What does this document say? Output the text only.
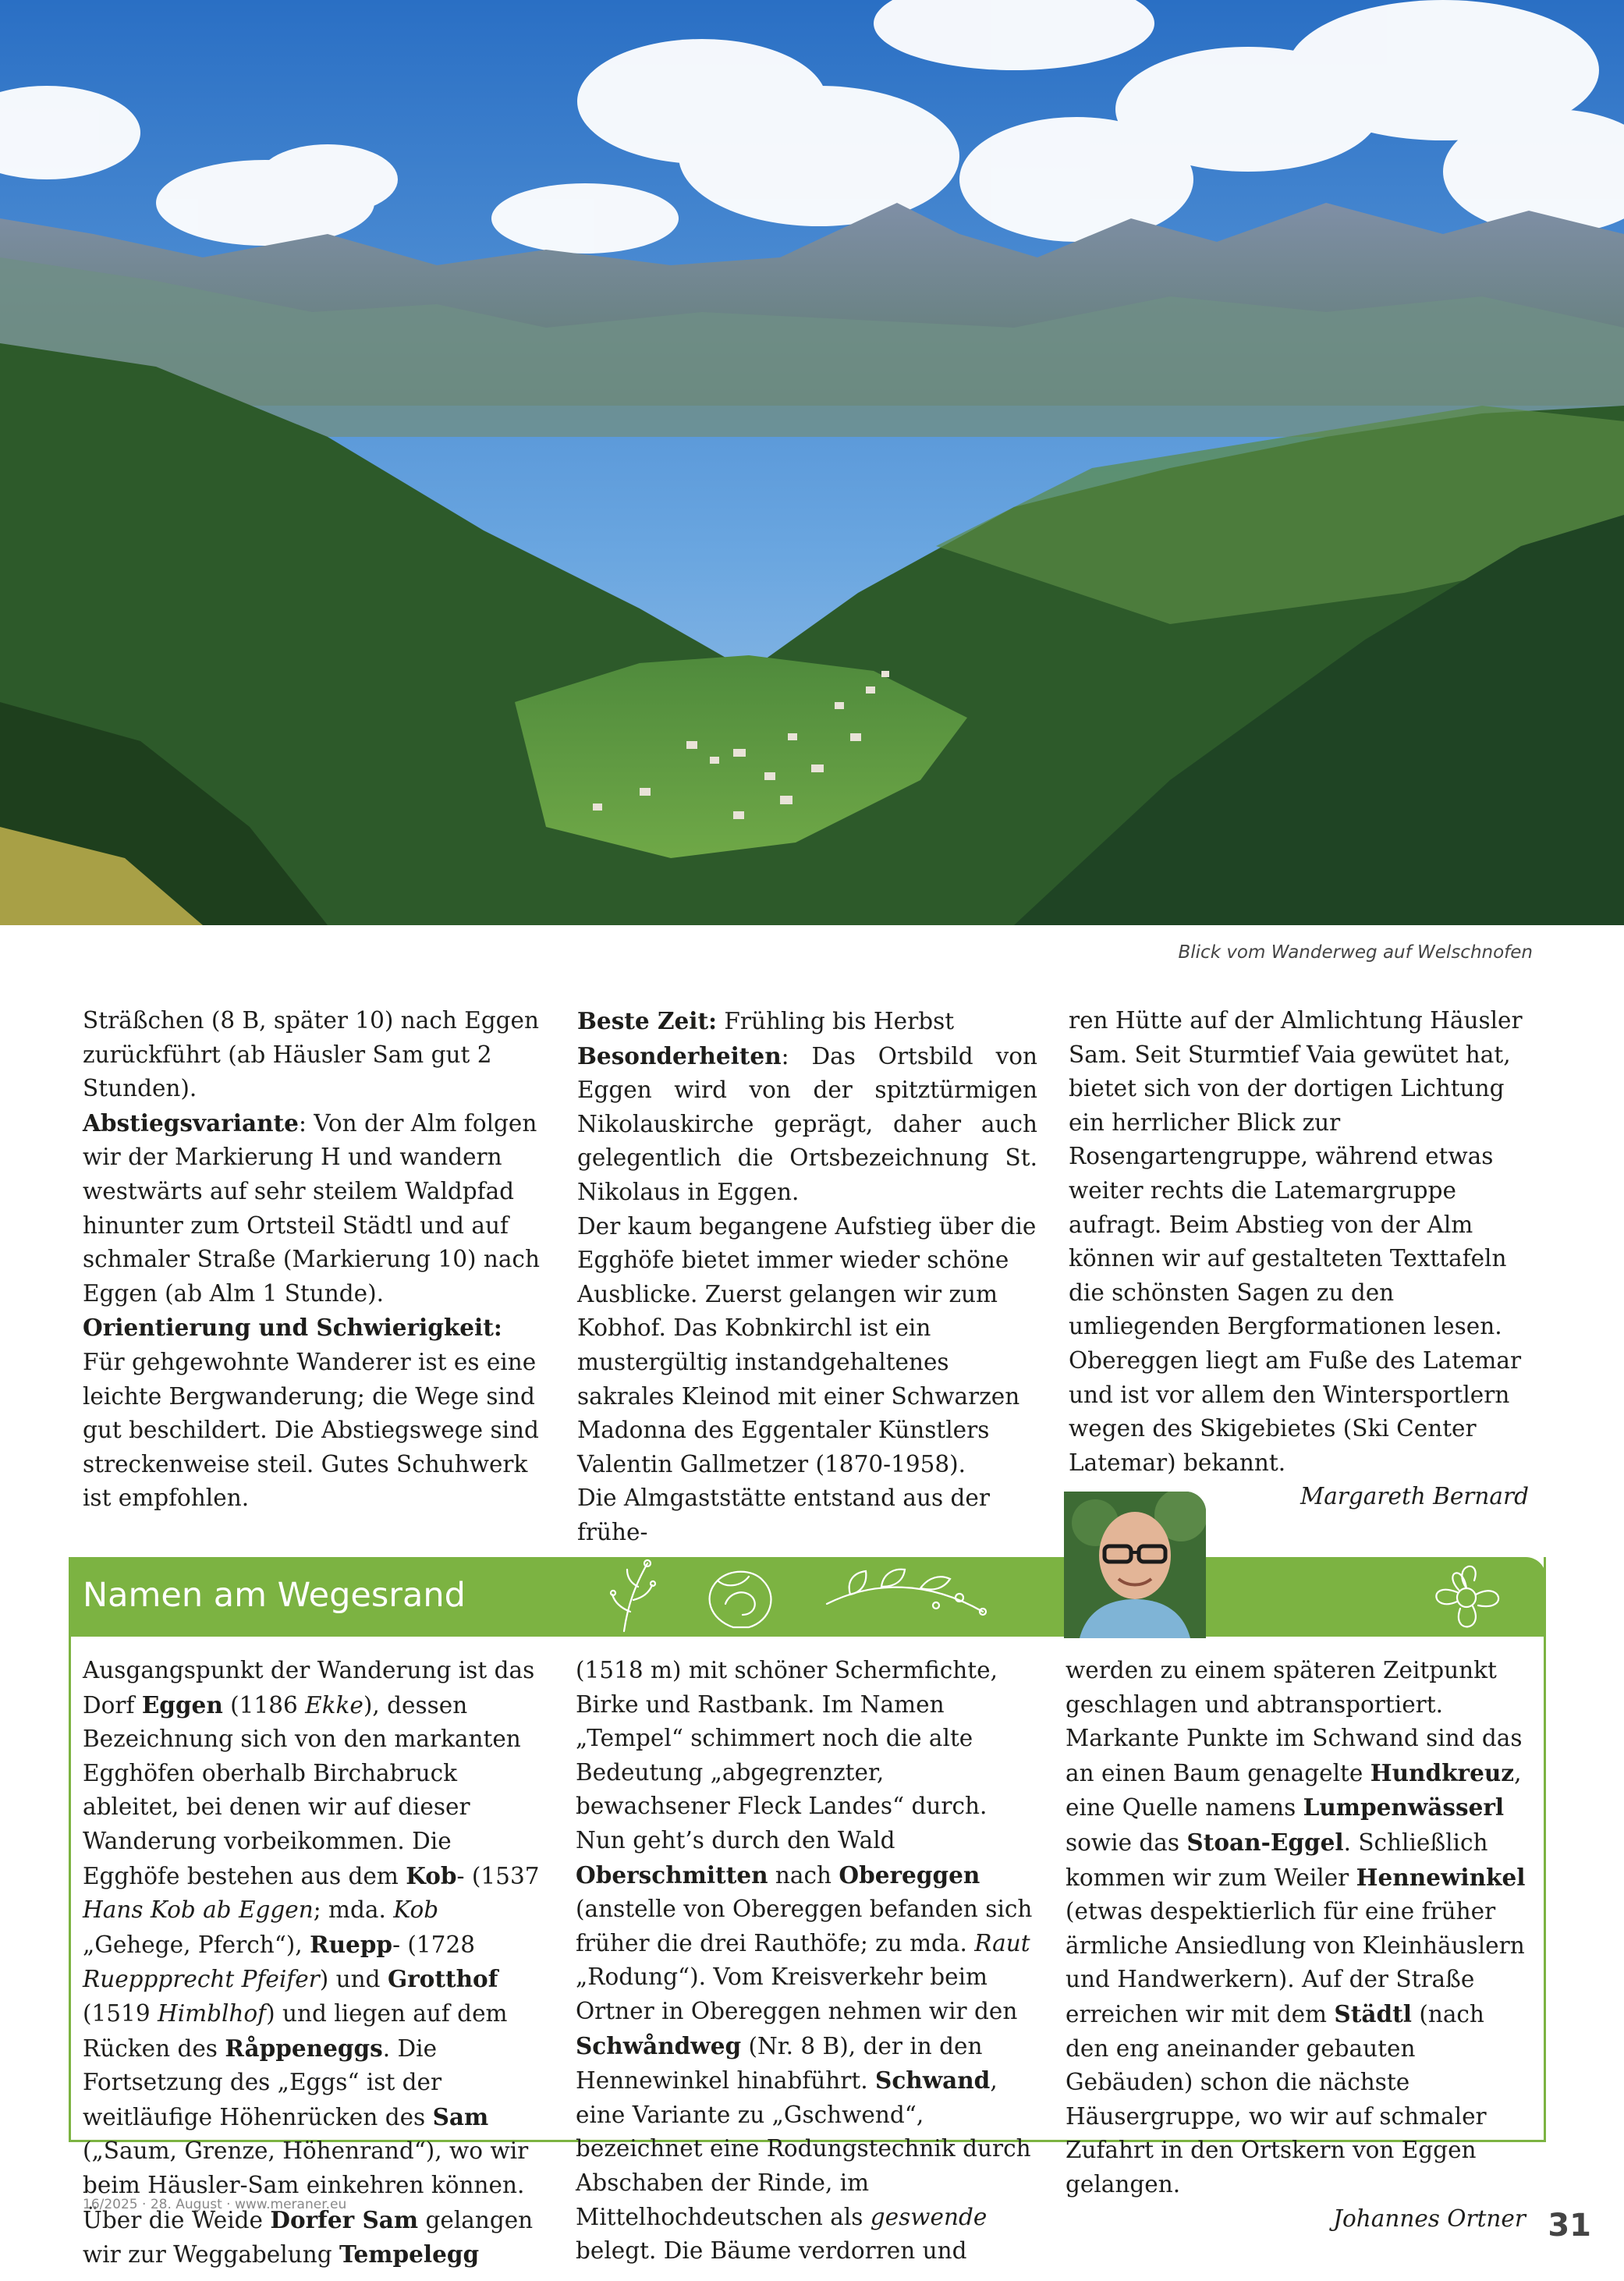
Blick vom Wanderweg auf Welschnofen

Sträßchen (8 B, später 10) nach Eggen zurückführt (ab Häusler Sam gut 2 Stunden).

Abstiegsvariante: Von der Alm folgen wir der Markierung H und wandern westwärts auf sehr steilem Waldpfad hinunter zum Ortsteil Städtl und auf schmaler Straße (Markierung 10) nach Eggen (ab Alm 1 Stunde).

Orientierung und Schwierigkeit: Für gehgewohnte Wanderer ist es eine leichte Bergwanderung; die Wege sind gut beschildert. Die Abstiegswege sind streckenweise steil. Gutes Schuhwerk ist empfohlen.

Beste Zeit: Frühling bis Herbst

Besonderheiten: Das Ortsbild von Eggen wird von der spitztürmigen Nikolauskirche geprägt, daher auch gelegentlich die Ortsbezeichnung St. Nikolaus in Eggen.

Der kaum begangene Aufstieg über die Egghöfe bietet immer wieder schöne Ausblicke. Zuerst gelangen wir zum Kobhof. Das Kobnkirchl ist ein mustergültig instandgehaltenes sakrales Kleinod mit einer Schwarzen Madonna des Eggentaler Künstlers Valentin Gallmetzer (1870-1958).

Die Almgaststätte entstand aus der frühe-

ren Hütte auf der Almlichtung Häusler Sam. Seit Sturmtief Vaia gewütet hat, bietet sich von der dortigen Lichtung ein herrlicher Blick zur Rosengartengruppe, während etwas weiter rechts die Latemargruppe aufragt. Beim Abstieg von der Alm können wir auf gestalteten Texttafeln die schönsten Sagen zu den umliegenden Bergformationen lesen.

Obereggen liegt am Fuße des Latemar und ist vor allem den Wintersportlern wegen des Skigebietes (Ski Center Latemar) bekannt.

Margareth Bernard

Namen am Wegesrand

Ausgangspunkt der Wanderung ist das Dorf Eggen (1186 Ekke), dessen Bezeichnung sich von den markanten Egghöfen oberhalb Birchabruck ableitet, bei denen wir auf dieser Wanderung vorbeikommen. Die Egghöfe bestehen aus dem Kob- (1537 Hans Kob ab Eggen; mda. Kob „Gehege, Pferch“), Ruepp- (1728 Rueppprecht Pfeifer) und Grotthof (1519 Himblhof) und liegen auf dem Rücken des Råppeneggs. Die Fortsetzung des „Eggs“ ist der weitläufige Höhenrücken des Sam („Saum, Grenze, Höhenrand“), wo wir beim Häusler-Sam einkehren können. Über die Weide Dorfer Sam gelangen wir zur Weggabelung Tempelegg

(1518 m) mit schöner Schermfichte, Birke und Rastbank. Im Namen „Tempel“ schimmert noch die alte Bedeutung „abgegrenzter, bewachsener Fleck Landes“ durch. Nun geht’s durch den Wald Oberschmitten nach Obereggen (anstelle von Obereggen befanden sich früher die drei Rauthöfe; zu mda. Raut „Rodung“). Vom Kreisverkehr beim Ortner in Obereggen nehmen wir den Schwåndweg (Nr. 8 B), der in den Hennewinkel hinabführt. Schwand, eine Variante zu „Gschwend“, bezeichnet eine Rodungstechnik durch Abschaben der Rinde, im Mittelhochdeutschen als geswende belegt. Die Bäume verdorren und

werden zu einem späteren Zeitpunkt geschlagen und abtransportiert. Markante Punkte im Schwand sind das an einen Baum genagelte Hundkreuz, eine Quelle namens Lumpenwässerl sowie das Stoan-Eggel. Schließlich kommen wir zum Weiler Hennewinkel (etwas despektierlich für eine früher ärmliche Ansiedlung von Kleinhäuslern und Handwerkern). Auf der Straße erreichen wir mit dem Städtl (nach den eng aneinander gebauten Gebäuden) schon die nächste Häusergruppe, wo wir auf schmaler Zufahrt in den Ortskern von Eggen gelangen.

Johannes Ortner

16/2025 · 28. August · www.meraner.eu
31
